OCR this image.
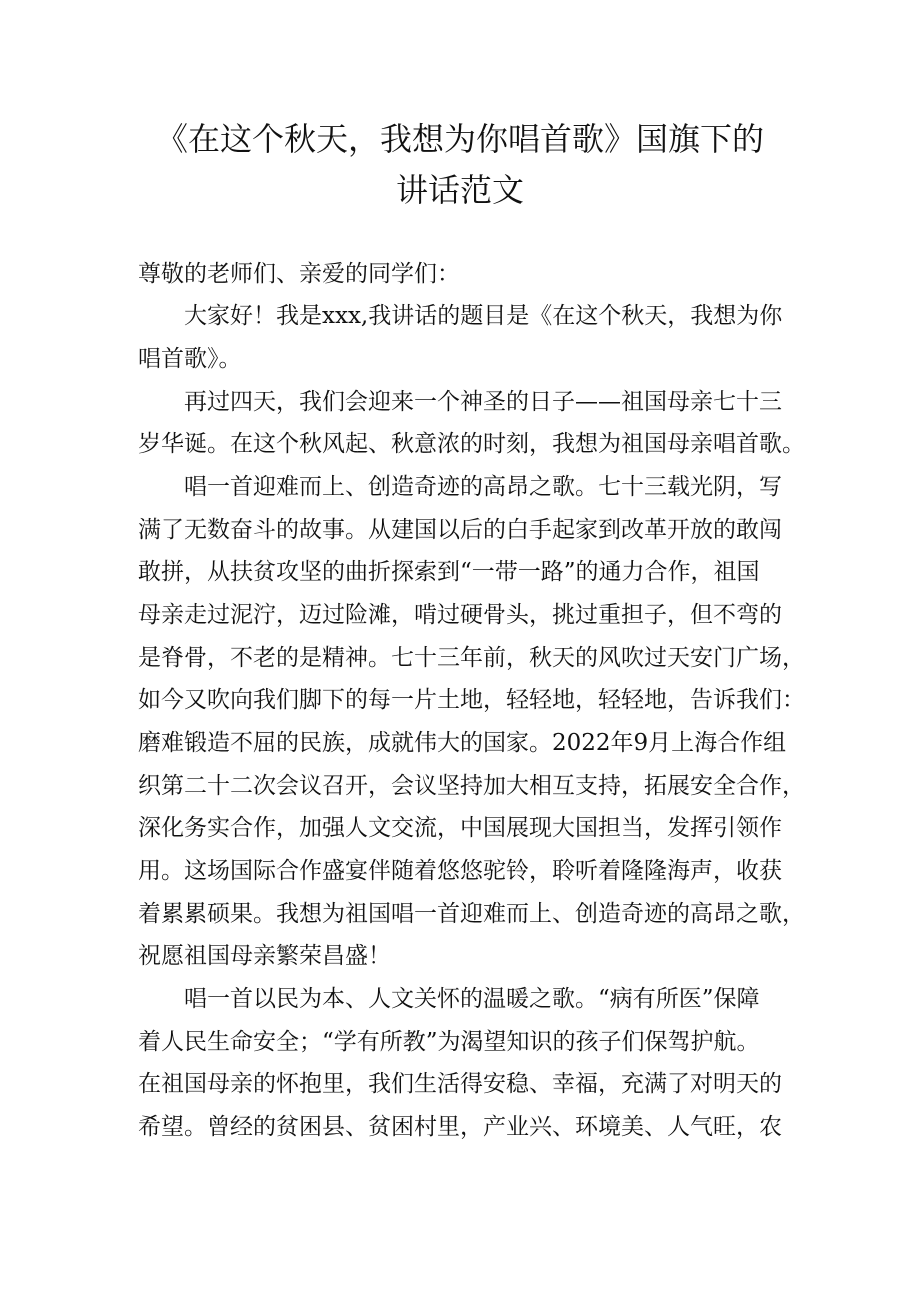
《在这个秋天，我想为你唱首歌》国旗下的
讲话范文

尊敬的老师们、亲爱的同学们：

　　大家好！我是xxx,我讲话的题目是《在这个秋天，我想为你

唱首歌》。

　　再过四天，我们会迎来一个神圣的日子——祖国母亲七十三

岁华诞。在这个秋风起、秋意浓的时刻，我想为祖国母亲唱首歌。

　　唱一首迎难而上、创造奇迹的高昂之歌。七十三载光阴，写

满了无数奋斗的故事。从建国以后的白手起家到改革开放的敢闯

敢拼，从扶贫攻坚的曲折探索到“一带一路”的通力合作，祖国

母亲走过泥泞，迈过险滩，啃过硬骨头，挑过重担子，但不弯的

是脊骨，不老的是精神。七十三年前，秋天的风吹过天安门广场，

如今又吹向我们脚下的每一片土地，轻轻地，轻轻地，告诉我们：

磨难锻造不屈的民族，成就伟大的国家。2022年9月上海合作组

织第二十二次会议召开，会议坚持加大相互支持，拓展安全合作，

深化务实合作，加强人文交流，中国展现大国担当，发挥引领作

用。这场国际合作盛宴伴随着悠悠驼铃，聆听着隆隆海声，收获

着累累硕果。我想为祖国唱一首迎难而上、创造奇迹的高昂之歌，

祝愿祖国母亲繁荣昌盛！

　　唱一首以民为本、人文关怀的温暖之歌。“病有所医”保障

着人民生命安全；“学有所教”为渴望知识的孩子们保驾护航。

在祖国母亲的怀抱里，我们生活得安稳、幸福，充满了对明天的

希望。曾经的贫困县、贫困村里，产业兴、环境美、人气旺，农
